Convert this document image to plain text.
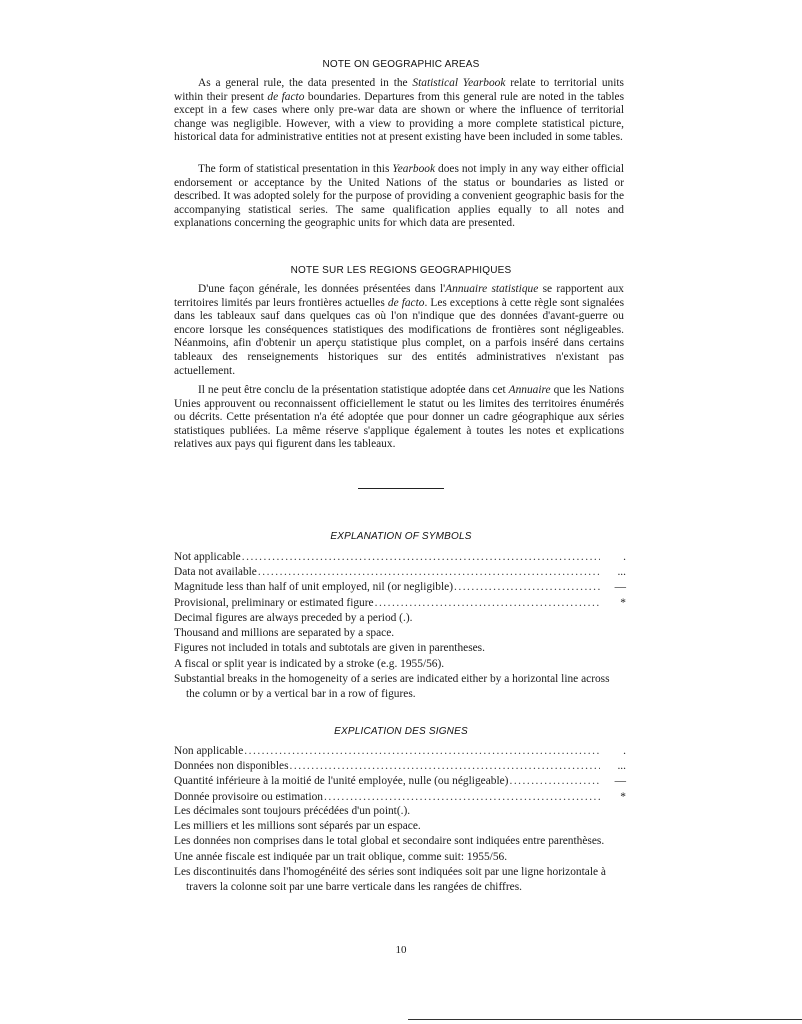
NOTE ON GEOGRAPHIC AREAS

As a general rule, the data presented in the Statistical Yearbook relate to territorial units within their present de facto boundaries. Departures from this general rule are noted in the tables except in a few cases where only pre-war data are shown or where the influence of territorial change was negligible. However, with a view to providing a more complete statistical picture, historical data for administrative entities not at present existing have been included in some tables.

The form of statistical presentation in this Yearbook does not imply in any way either official endorsement or acceptance by the United Nations of the status or boundaries as listed or described. It was adopted solely for the purpose of providing a convenient geographic basis for the accompanying statistical series. The same qualification applies equally to all notes and explanations concerning the geographic units for which data are presented.

NOTE SUR LES REGIONS GEOGRAPHIQUES

D'une façon générale, les données présentées dans l'Annuaire statistique se rapportent aux territoires limités par leurs frontières actuelles de facto. Les exceptions à cette règle sont signalées dans les tableaux sauf dans quelques cas où l'on n'indique que des données d'avant-guerre ou encore lorsque les conséquences statistiques des modifications de frontières sont négligeables. Néanmoins, afin d'obtenir un aperçu statistique plus complet, on a parfois inséré dans certains tableaux des renseignements historiques sur des entités administratives n'existant pas actuellement.

Il ne peut être conclu de la présentation statistique adoptée dans cet Annuaire que les Nations Unies approuvent ou reconnaissent officiellement le statut ou les limites des territoires énumérés ou décrits. Cette présentation n'a été adoptée que pour donner un cadre géographique aux séries statistiques publiées. La même réserve s'applique également à toutes les notes et explications relatives aux pays qui figurent dans les tableaux.

EXPLANATION OF SYMBOLS
Not applicable .....	.
Data not available .....	...
Magnitude less than half of unit employed, nil (or negligible) .....	—
Provisional, preliminary or estimated figure .....	*
Decimal figures are always preceded by a period (.).
Thousand and millions are separated by a space.
Figures not included in totals and subtotals are given in parentheses.
A fiscal or split year is indicated by a stroke (e.g. 1955/56).
Substantial breaks in the homogeneity of a series are indicated either by a horizontal line across the column or by a vertical bar in a row of figures.
EXPLICATION DES SIGNES
Non applicable .....	.
Données non disponibles .....	...
Quantité inférieure à la moitié de l'unité employée, nulle (ou négligeable) .....	—
Donnée provisoire ou estimation .....	*
Les décimales sont toujours précédées d'un point(.).
Les milliers et les millions sont séparés par un espace.
Les données non comprises dans le total global et secondaire sont indiquées entre parenthèses.
Une année fiscale est indiquée par un trait oblique, comme suit: 1955/56.
Les discontinuités dans l'homogénéité des séries sont indiquées soit par une ligne horizontale à travers la colonne soit par une barre verticale dans les rangées de chiffres.
10
